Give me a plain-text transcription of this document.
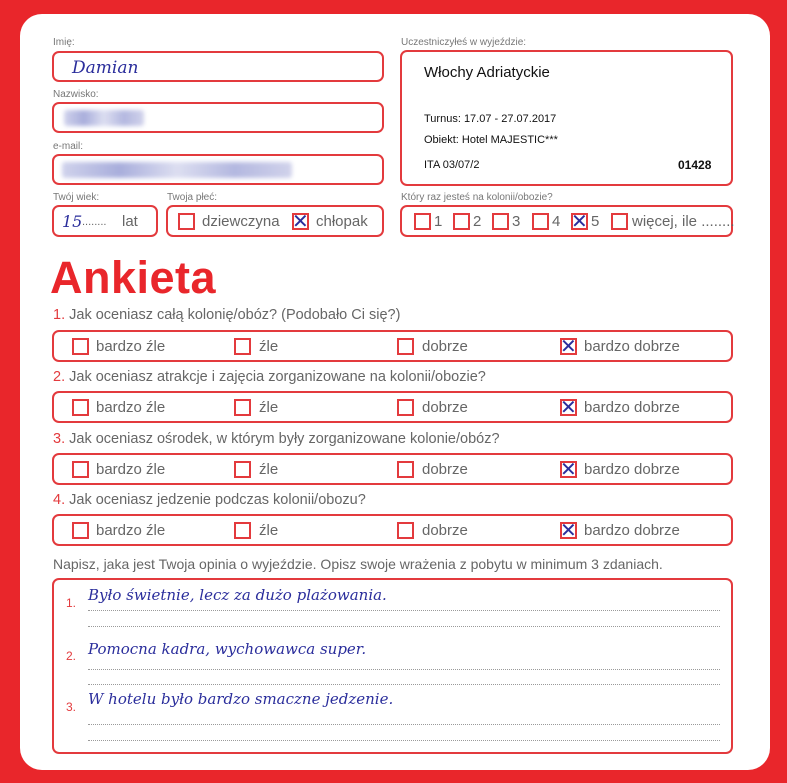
Imię:
Damian
Nazwisko:
e-mail:
Twój wiek:
15 ........ lat
Twoja płeć:
dziewczyna ✕ chłopak
Uczestniczyłeś w wyjeździe:
Włochy Adriatyckie
Turnus: 17.07 - 27.07.2017
Obiekt: Hotel MAJESTIC***
ITA 03/07/2	01428
Który raz jesteś na kolonii/obozie?
1 2 3 4 ✕ 5 więcej, ile ........
Ankieta
1. Jak oceniasz całą kolonię/obóz? (Podobało Ci się?)
bardzo źle	źle	dobrze	✕ bardzo dobrze
2. Jak oceniasz atrakcje i zajęcia zorganizowane na kolonii/obozie?
bardzo źle	źle	dobrze	✕ bardzo dobrze
3. Jak oceniasz ośrodek, w którym były zorganizowane kolonie/obóz?
bardzo źle	źle	dobrze	✕ bardzo dobrze
4. Jak oceniasz jedzenie podczas kolonii/obozu?
bardzo źle	źle	dobrze	✕ bardzo dobrze
Napisz, jaka jest Twoja opinia o wyjeździe. Opisz swoje wrażenia z pobytu w minimum 3 zdaniach.
1. Było świetnie, lecz za dużo plażowania.
2. Pomocna kadra, wychowawca super.
3. W hotelu było bardzo smaczne jedzenie.
